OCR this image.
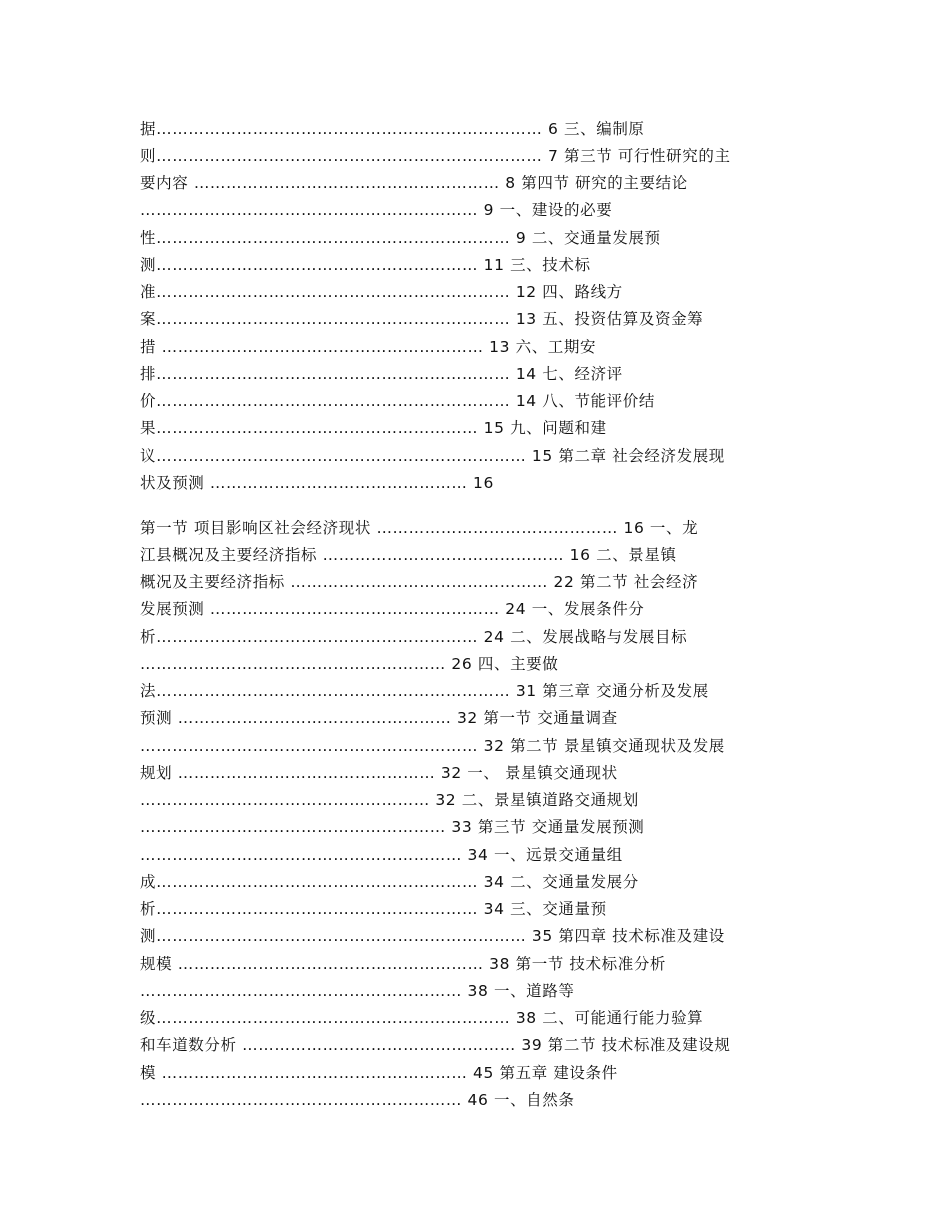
据……………………………………………………………… 6 三、编制原
则……………………………………………………………… 7 第三节 可行性研究的主
要内容 ………………………………………………… 8 第四节 研究的主要结论
……………………………………………………… 9 一、建设的必要
性………………………………………………………… 9 二、交通量发展预
测…………………………………………………… 11 三、技术标
准………………………………………………………… 12 四、路线方
案………………………………………………………… 13 五、投资估算及资金筹
措 …………………………………………………… 13 六、工期安
排………………………………………………………… 14 七、经济评
价………………………………………………………… 14 八、节能评价结
果…………………………………………………… 15 九、问题和建
议…………………………………………………………… 15 第二章 社会经济发展现
状及预测 ………………………………………… 16
第一节 项目影响区社会经济现状 ……………………………………… 16 一、龙
江县概况及主要经济指标 ……………………………………… 16 二、景星镇
概况及主要经济指标 ………………………………………… 22 第二节 社会经济
发展预测 ……………………………………………… 24 一、发展条件分
析…………………………………………………… 24 二、发展战略与发展目标
………………………………………………… 26 四、主要做
法………………………………………………………… 31 第三章 交通分析及发展
预测 …………………………………………… 32 第一节 交通量调查
……………………………………………………… 32 第二节 景星镇交通现状及发展
规划 ………………………………………… 32 一、 景星镇交通现状
……………………………………………… 32 二、景星镇道路交通规划
………………………………………………… 33 第三节 交通量发展预测
…………………………………………………… 34 一、远景交通量组
成…………………………………………………… 34 二、交通量发展分
析…………………………………………………… 34 三、交通量预
测…………………………………………………………… 35 第四章 技术标准及建设
规模 ………………………………………………… 38 第一节 技术标准分析
…………………………………………………… 38 一、道路等
级………………………………………………………… 38 二、可能通行能力验算
和车道数分析 …………………………………………… 39 第二节 技术标准及建设规
模 ………………………………………………… 45 第五章 建设条件
…………………………………………………… 46 一、自然条
